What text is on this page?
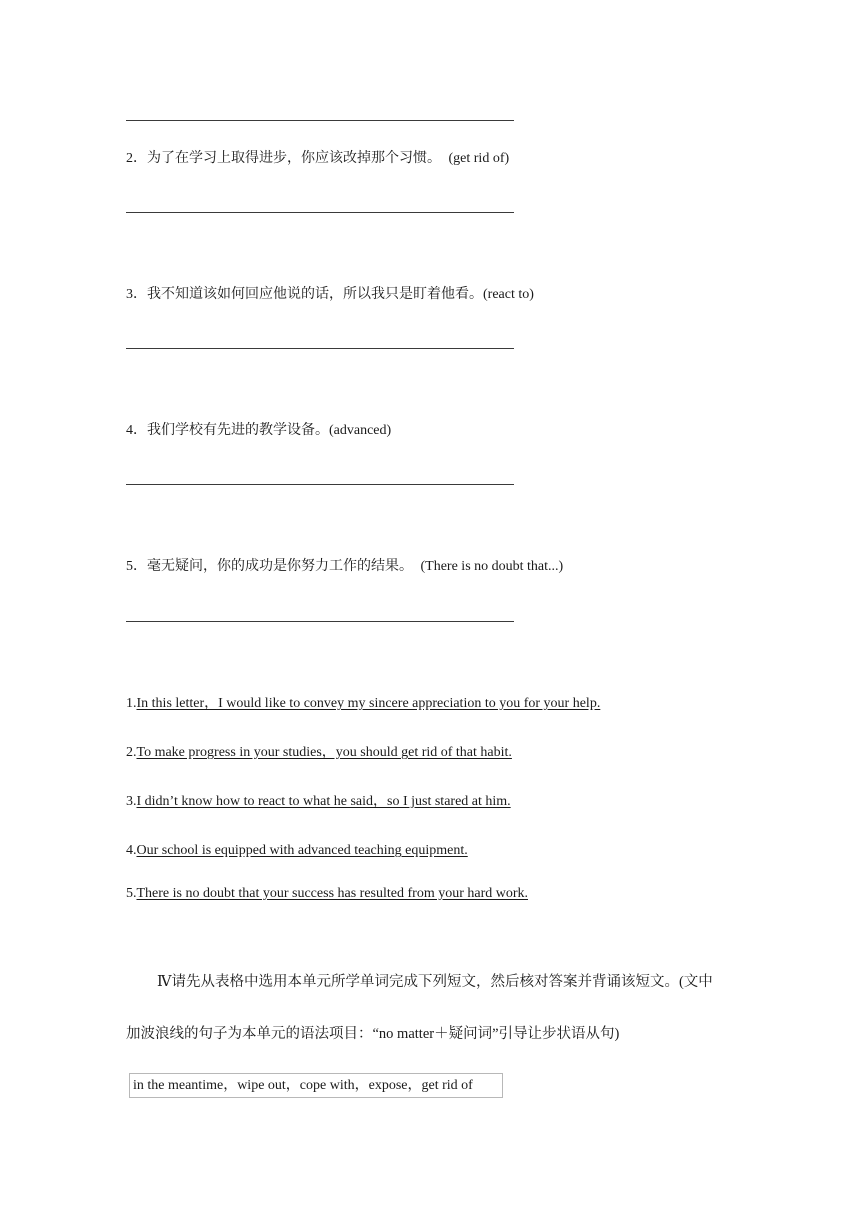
2．为了在学习上取得进步，你应该改掉那个习惯。 (get rid of)
3．我不知道该如何回应他说的话，所以我只是盯着他看。(react to)
4．我们学校有先进的教学设备。(advanced)
5．毫无疑问，你的成功是你努力工作的结果。 (There is no doubt that...)
1.In this letter，I would like to convey my sincere appreciation to you for your help.
2.To make progress in your studies，you should get rid of that habit.
3.I didn’t know how to react to what he said，so I just stared at him.
4.Our school is equipped with advanced teaching equipment.
5.There is no doubt that your success has resulted from your hard work.
Ⅳ请先从表格中选用本单元所学单词完成下列短文，然后核对答案并背诵该短文。(文中
加波浪线的句子为本单元的语法项目：“no matter＋疑问词”引导让步状语从句)
in the meantime，wipe out，cope with，expose，get rid of
